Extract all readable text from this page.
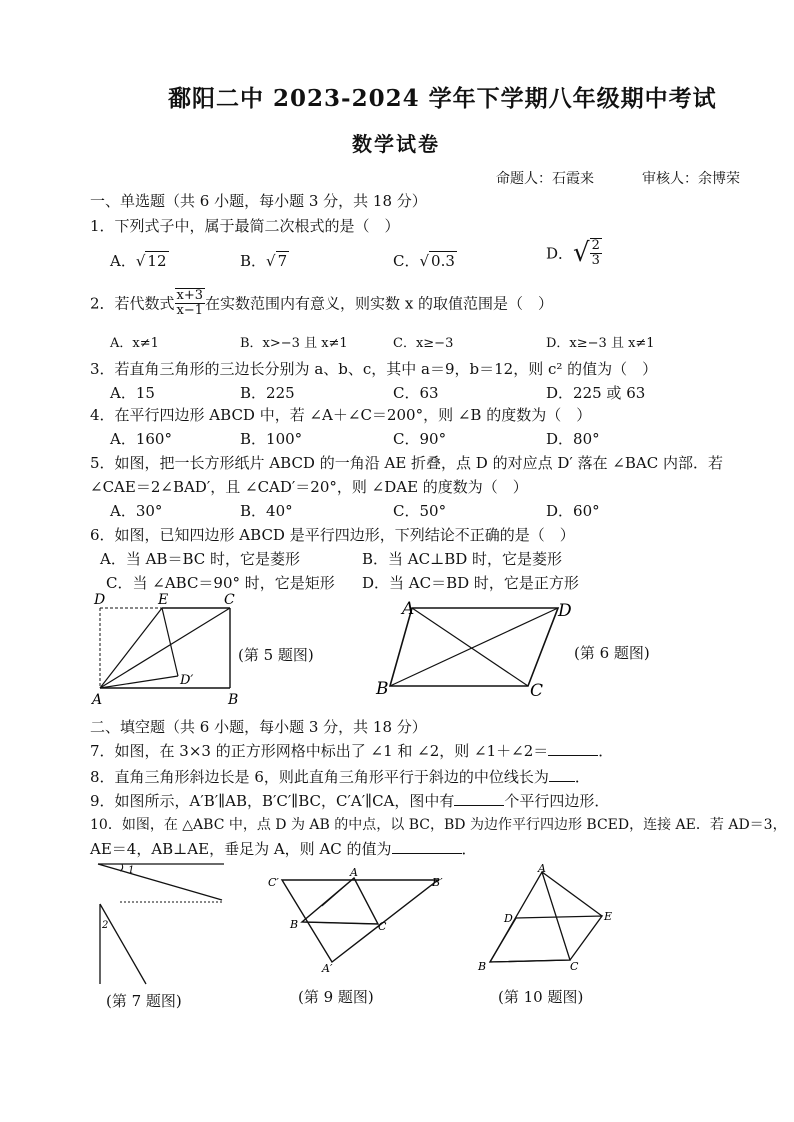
鄱阳二中 2023-2024 学年下学期八年级期中考试
数学试卷
命题人：石霞来	审核人：余博荣
一、单选题（共 6 小题，每小题 3 分，共 18 分）
1．下列式子中，属于最简二次根式的是（　）
A．√ 12	B．√ 7	C．√ 0.3	D．√ $\frac{2}{3}$
2．若代数式 $\frac{x+3}{x-1}$ 在实数范围内有意义，则实数 x 的取值范围是（　）
A．x≠1	B．x>−3 且 x≠1	C．x≥−3	D．x≥−3 且 x≠1
3．若直角三角形的三边长分别为 a、b、c，其中 a＝9，b＝12，则 c² 的值为（　）
A．15	B．225	C．63	D．225 或 63
4．在平行四边形 ABCD 中，若 ∠A＋∠C＝200°，则 ∠B 的度数为（　）
A．160°	B．100°	C．90°	D．80°
5．如图，把一长方形纸片 ABCD 的一角沿 AE 折叠，点 D 的对应点 D′ 落在 ∠BAC 内部．若
∠CAE＝2∠BAD′，且 ∠CAD′＝20°，则 ∠DAE 的度数为（　）
A．30°	B．40°	C．50°	D．60°
6．如图，已知四边形 ABCD 是平行四边形，下列结论不正确的是（　）
A．当 AB＝BC 时，它是菱形	B．当 AC⊥BD 时，它是菱形
C．当 ∠ABC＝90° 时，它是矩形 D．当 AC＝BD 时，它是正方形
D	E	C
D′
A	B
(第 5 题图)
A	D
B	C
(第 6 题图)
二、填空题（共 6 小题，每小题 3 分，共 18 分）
7．如图，在 3×3 的正方形网格中标出了 ∠1 和 ∠2，则 ∠1＋∠2＝	．
8．直角三角形斜边长是 6，则此直角三角形平行于斜边的中位线长为 ．
9．如图所示，A′B′∥AB，B′C′∥BC，C′A′∥CA，图中有	个平行四边形．
10．如图，在 △ABC 中，点 D 为 AB 的中点，以 BC，BD 为边作平行四边形 BCED，连接 AE．若 AD＝3，
AE＝4，AB⊥AE，垂足为 A，则 AC 的值为	．
1
2
(第 7 题图)
C′
A
B′
B	C
A′
(第 9 题图)
A
D	E
B	C
(第 10 题图)
